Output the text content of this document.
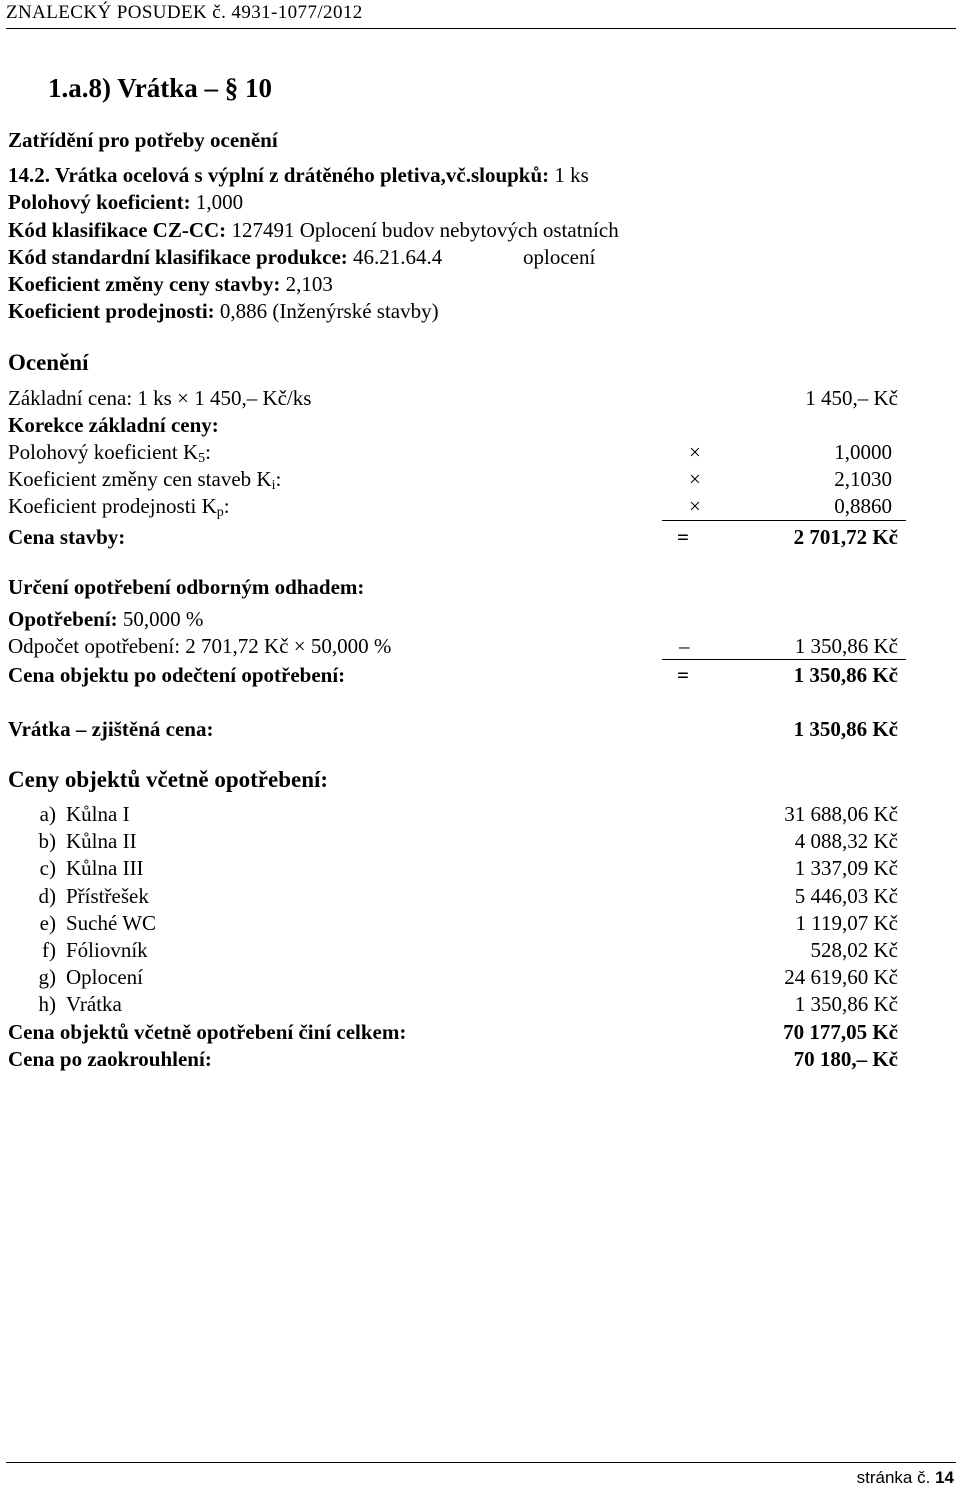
ZNALECKÝ POSUDEK č. 4931-1077/2012
1.a.8) Vrátka – § 10
Zatřídění pro potřeby ocenění
14.2. Vrátka ocelová s výplní z drátěného pletiva,vč.sloupků: 1 ks
Polohový koeficient: 1,000
Kód klasifikace CZ-CC: 127491 Oplocení budov nebytových ostatních
Kód standardní klasifikace produkce: 46.21.64.4	oplocení
Koeficient změny ceny stavby: 2,103
Koeficient prodejnosti: 0,886 (Inženýrské stavby)
Ocenění
Základní cena: 1 ks × 1 450,– Kč/ks	1 450,– Kč
Korekce základní ceny:
Polohový koeficient $K_5$:	×	1,0000
Koeficient změny cen staveb $K_i$:	×	2,1030
Koeficient prodejnosti $K_p$:	×	0,8860
Cena stavby:	=	2 701,72 Kč
Určení opotřebení odborným odhadem:
Opotřebení: 50,000 %
Odpočet opotřebení: 2 701,72 Kč × 50,000 %	–	1 350,86 Kč
Cena objektu po odečtení opotřebení:	=	1 350,86 Kč
Vrátka – zjištěná cena:	1 350,86 Kč
Ceny objektů včetně opotřebení:
a) Kůlna I	31 688,06 Kč
b) Kůlna II	4 088,32 Kč
c) Kůlna III	1 337,09 Kč
d) Přístřešek	5 446,03 Kč
e) Suché WC	1 119,07 Kč
f) Fóliovník	528,02 Kč
g) Oplocení	24 619,60 Kč
h) Vrátka	1 350,86 Kč
Cena objektů včetně opotřebení činí celkem:	70 177,05 Kč
Cena po zaokrouhlení:	70 180,– Kč
stránka č. 14
